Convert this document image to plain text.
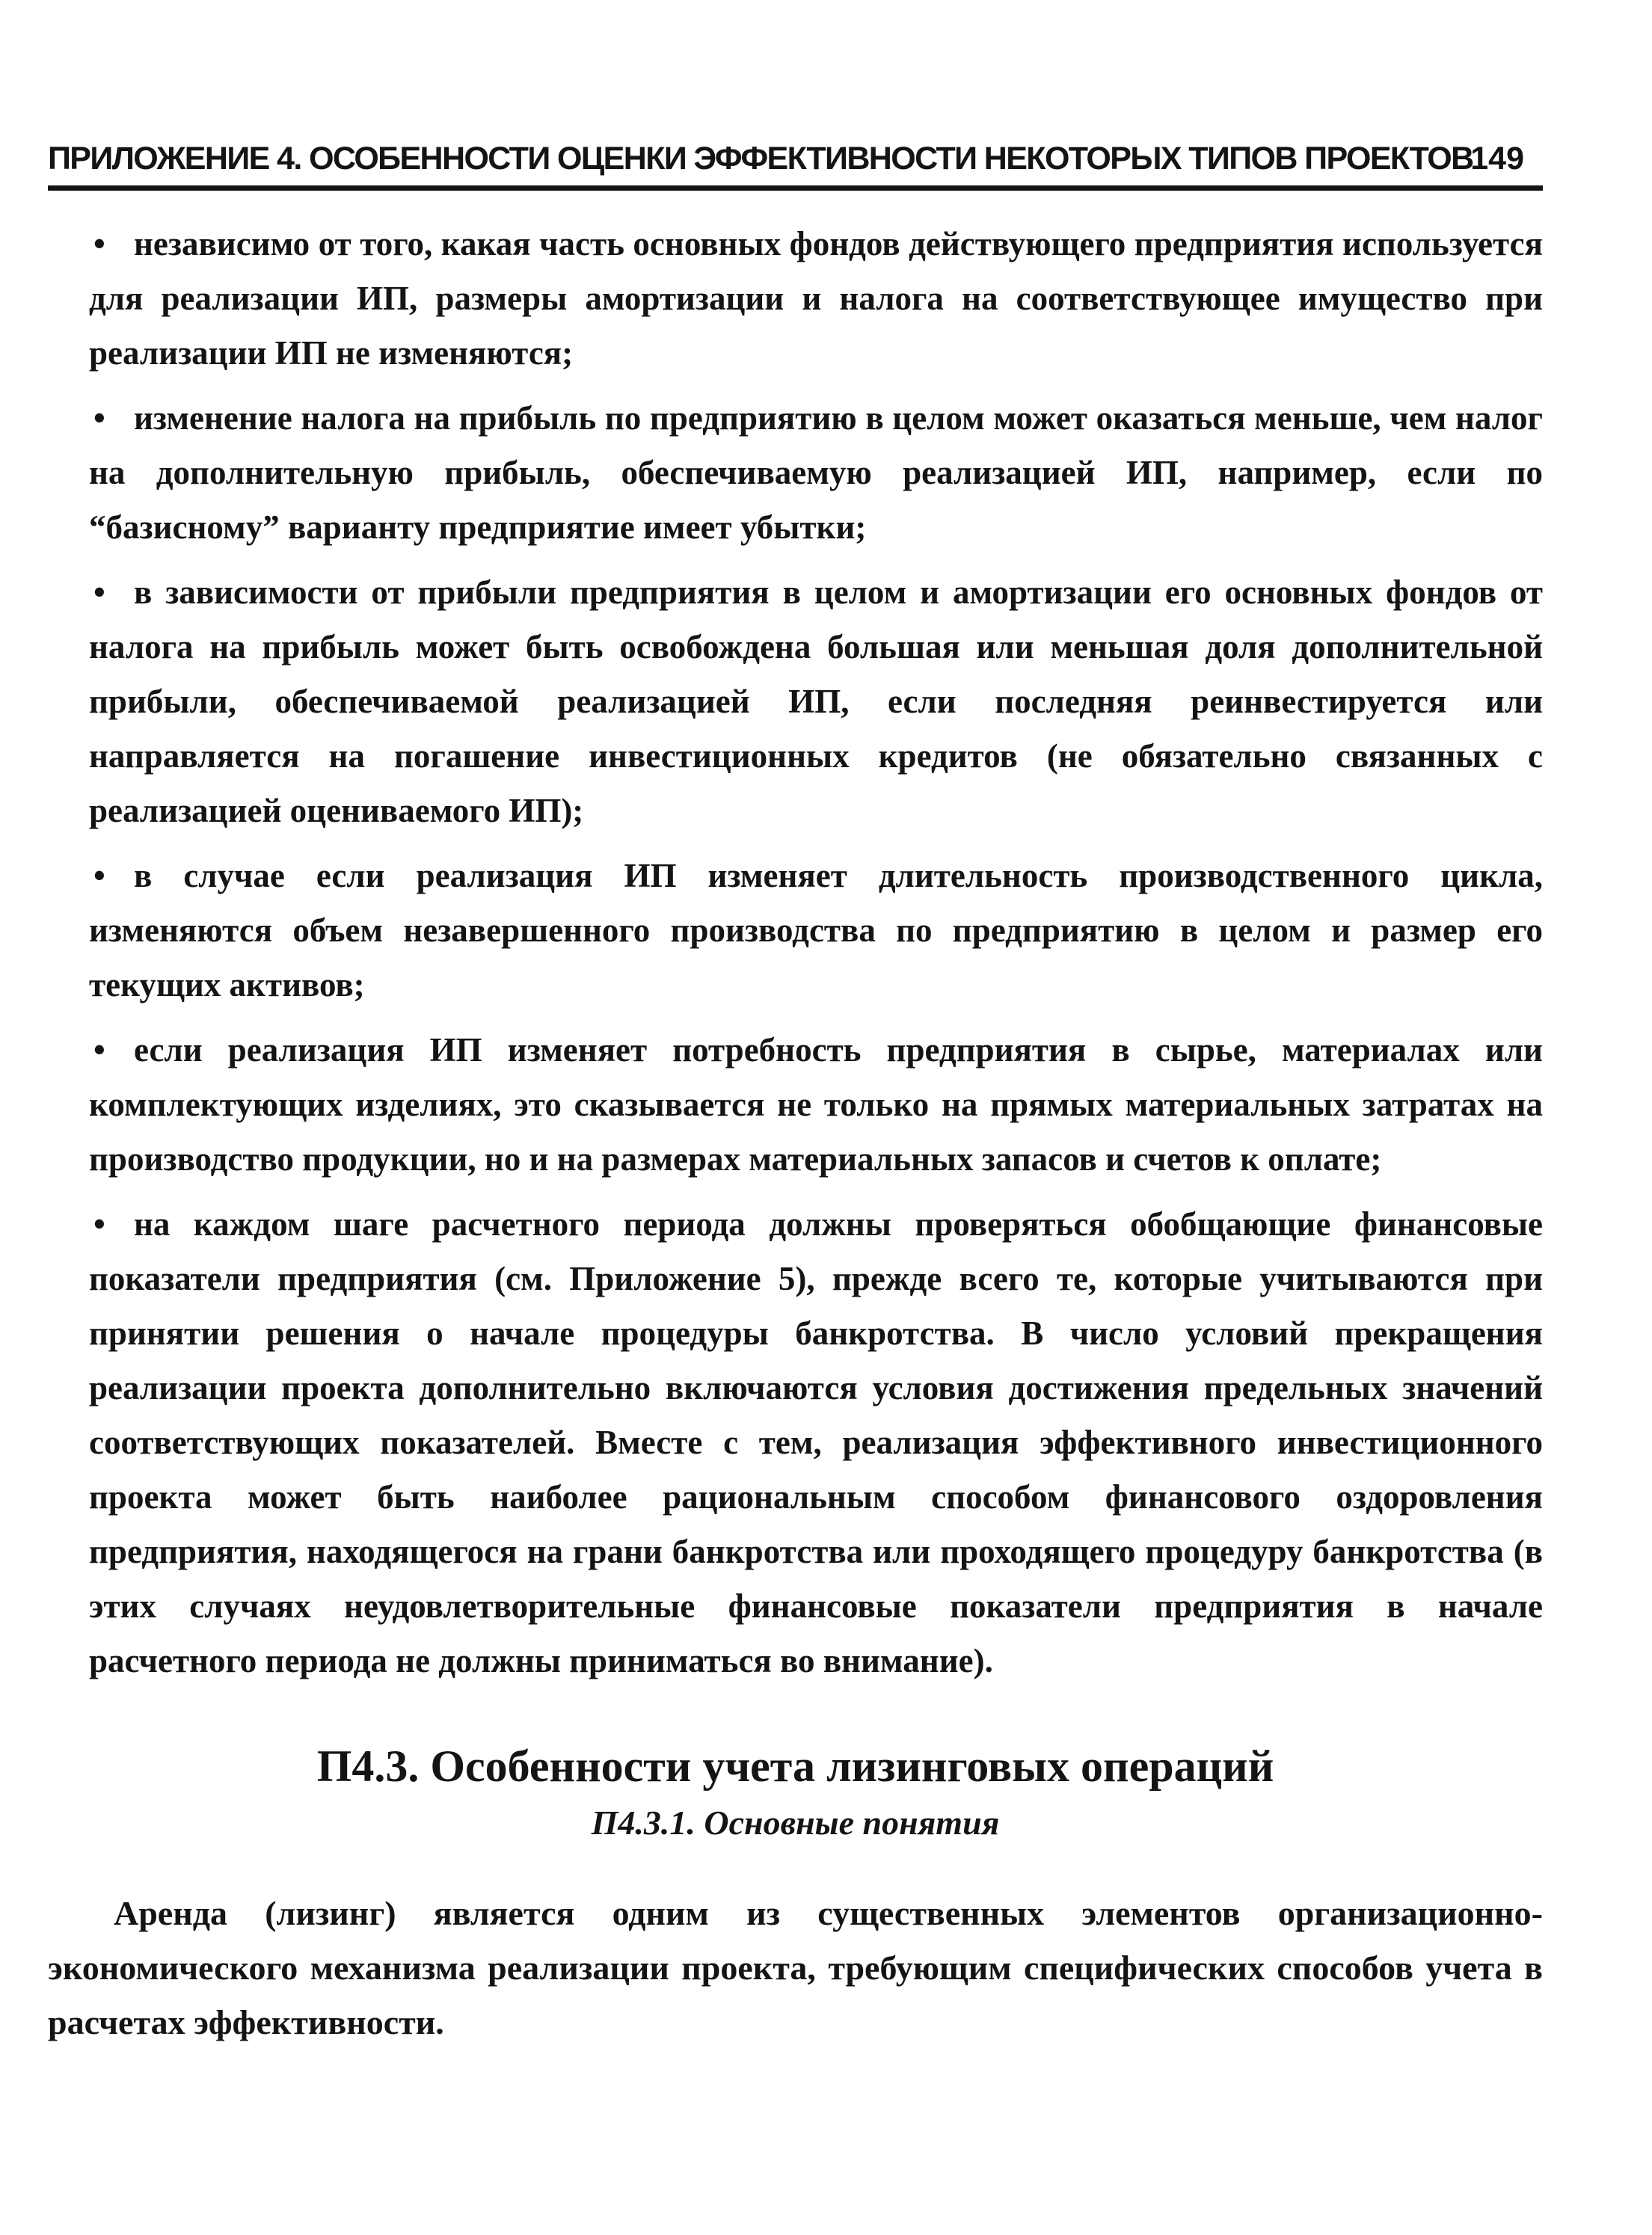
ПРИЛОЖЕНИЕ 4. ОСОБЕННОСТИ ОЦЕНКИ ЭФФЕКТИВНОСТИ НЕКОТОРЫХ ТИПОВ ПРОЕКТОВ
149

• независимо от того, какая часть основных фондов действующего предприятия используется для реализации ИП, размеры амортизации и налога на соответствующее имущество при реализации ИП не изменяются;

• изменение налога на прибыль по предприятию в целом может оказаться меньше, чем налог на дополнительную прибыль, обеспечиваемую реализацией ИП, например, если по “базисному” варианту предприятие имеет убытки;

• в зависимости от прибыли предприятия в целом и амортизации его основных фондов от налога на прибыль может быть освобождена большая или меньшая доля дополнительной прибыли, обеспечиваемой реализацией ИП, если последняя реинвестируется или направляется на погашение инвестиционных кредитов (не обязательно связанных с реализацией оцениваемого ИП);

• в случае если реализация ИП изменяет длительность производственного цикла, изменяются объем незавершенного производства по предприятию в целом и размер его текущих активов;

• если реализация ИП изменяет потребность предприятия в сырье, материалах или комплектующих изделиях, это сказывается не только на прямых материальных затратах на производство продукции, но и на размерах материальных запасов и счетов к оплате;

• на каждом шаге расчетного периода должны проверяться обобщающие финансовые показатели предприятия (см. Приложение 5), прежде всего те, которые учитываются при принятии решения о начале процедуры банкротства. В число условий прекращения реализации проекта дополнительно включаются условия достижения предельных значений соответствующих показателей. Вместе с тем, реализация эффективного инвестиционного проекта может быть наиболее рациональным способом финансового оздоровления предприятия, находящегося на грани банкротства или проходящего процедуру банкротства (в этих случаях неудовлетворительные финансовые показатели предприятия в начале расчетного периода не должны приниматься во внимание).

П4.3. Особенности учета лизинговых операций
П4.3.1. Основные понятия

Аренда (лизинг) является одним из существенных элементов организационно-экономического механизма реализации проекта, требующим специфических способов учета в расчетах эффективности.
